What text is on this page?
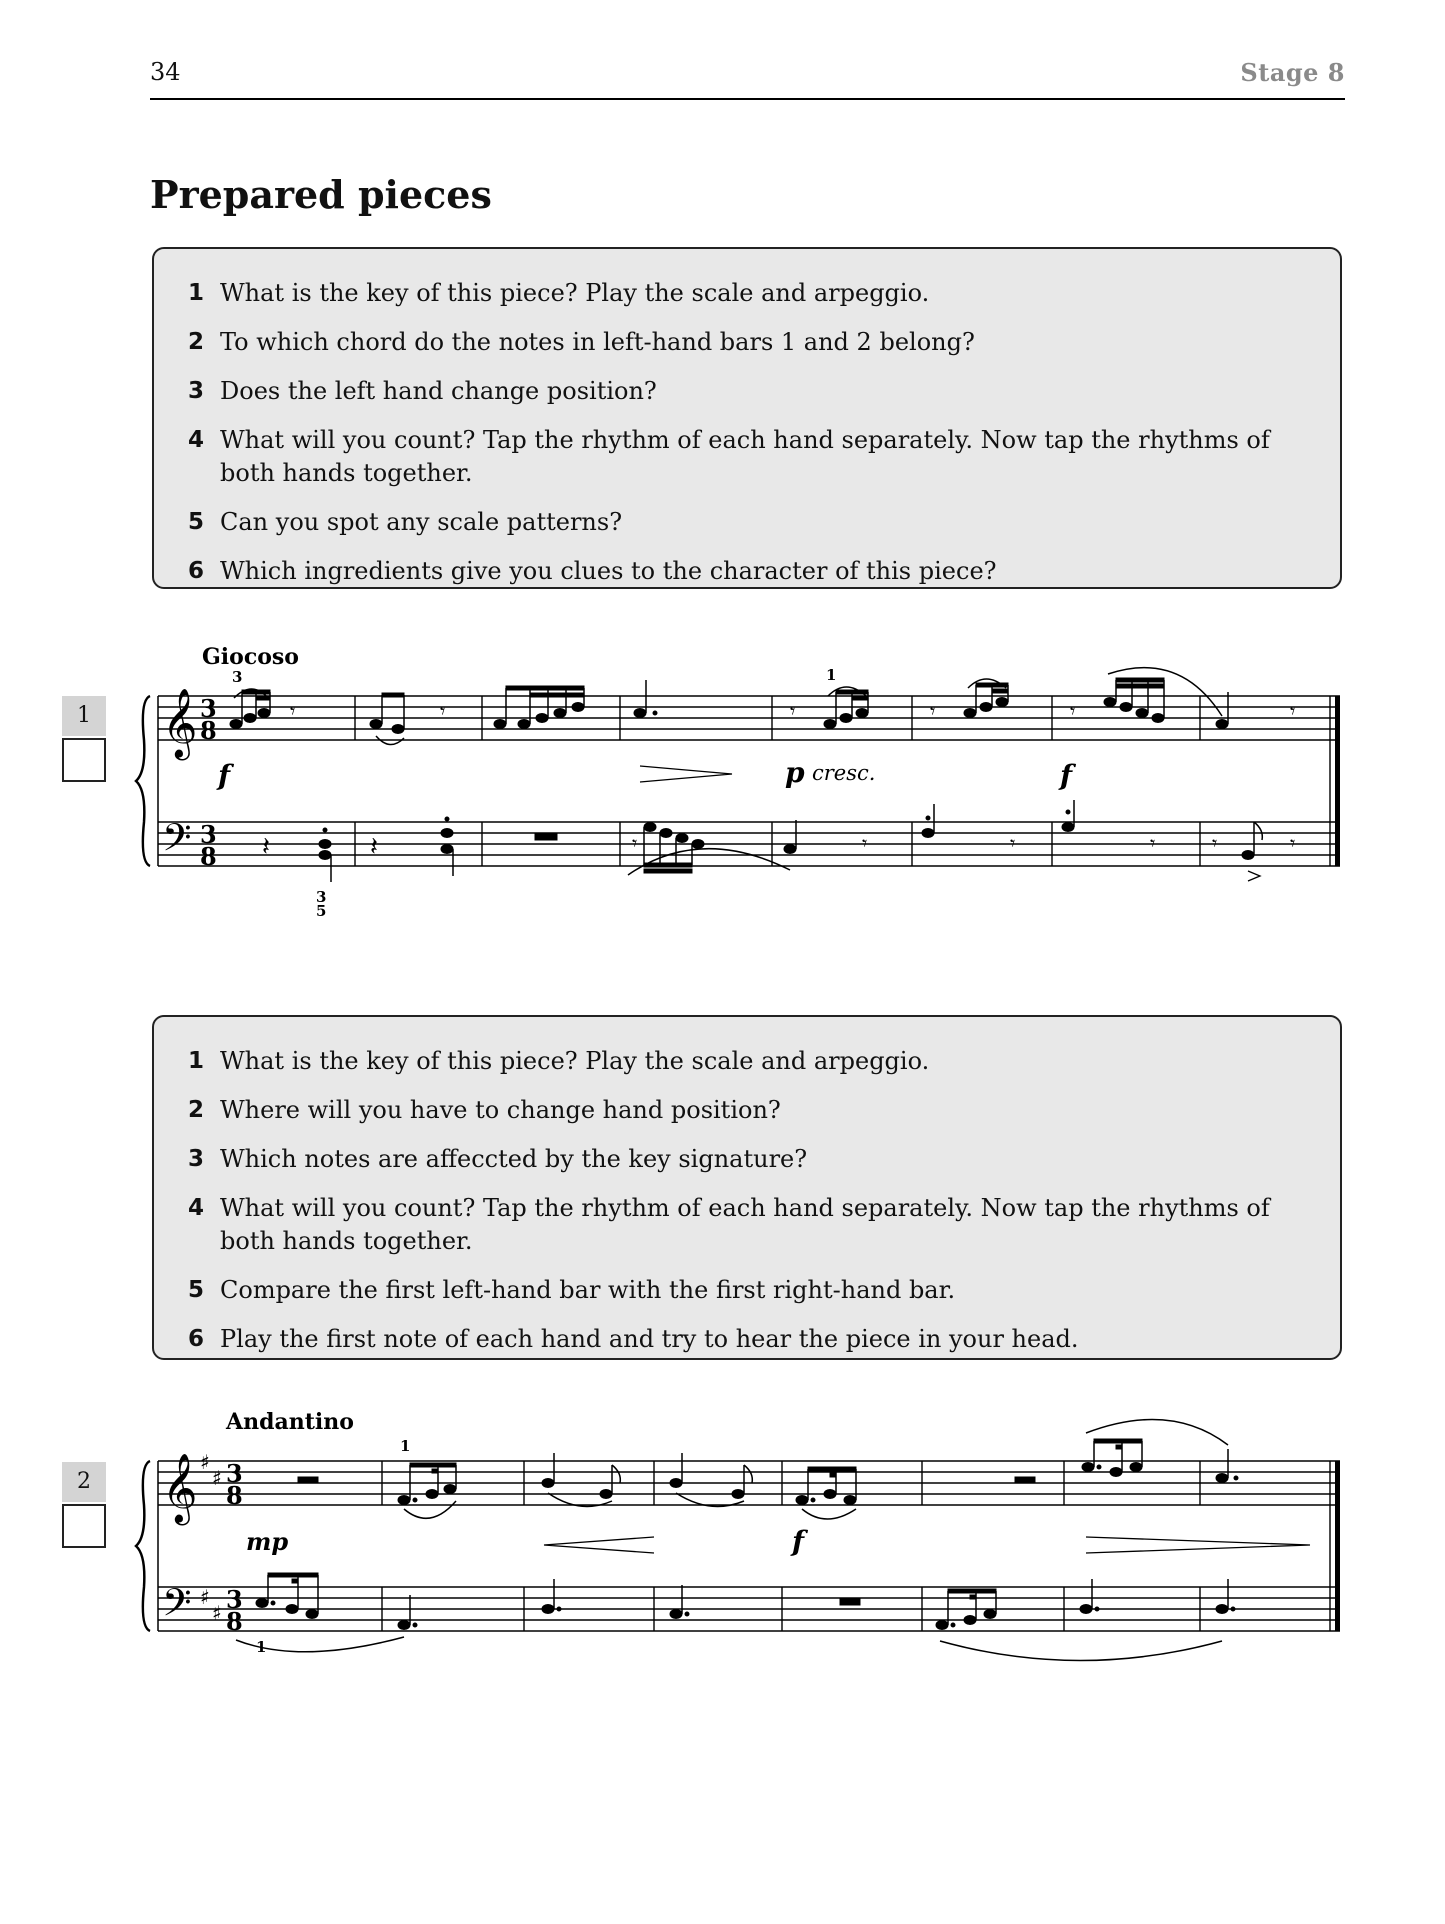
34	Stage 8
Prepared pieces
1 What is the key of this piece? Play the scale and arpeggio.
2 To which chord do the notes in left-hand bars 1 and 2 belong?
3 Does the left hand change position?
4 What will you count? Tap the rhythm of each hand separately. Now tap the rhythms of both hands together.
5 Can you spot any scale patterns?
6 Which ingredients give you clues to the character of this piece?
1
Giocoso
𝄞
𝄢
3
8
3
8
𝄾	𝄾	𝄾	𝄾	𝄾	𝄾
3	1
3
5
f	p cresc.	f
𝄽	𝄽	𝄾	𝄾	𝄾	𝄾	𝄾	𝄾
1 What is the key of this piece? Play the scale and arpeggio.
2 Where will you have to change hand position?
3 Which notes are affeccted by the key signature?
4 What will you count? Tap the rhythm of each hand separately. Now tap the rhythms of both hands together.
5 Compare the first left-hand bar with the first right-hand bar.
6 Play the first note of each hand and try to hear the piece in your head.
2
Andantino
𝄞
𝄢
♯
♯
♯
♯
3
8
3
8
1
1
mp	f
